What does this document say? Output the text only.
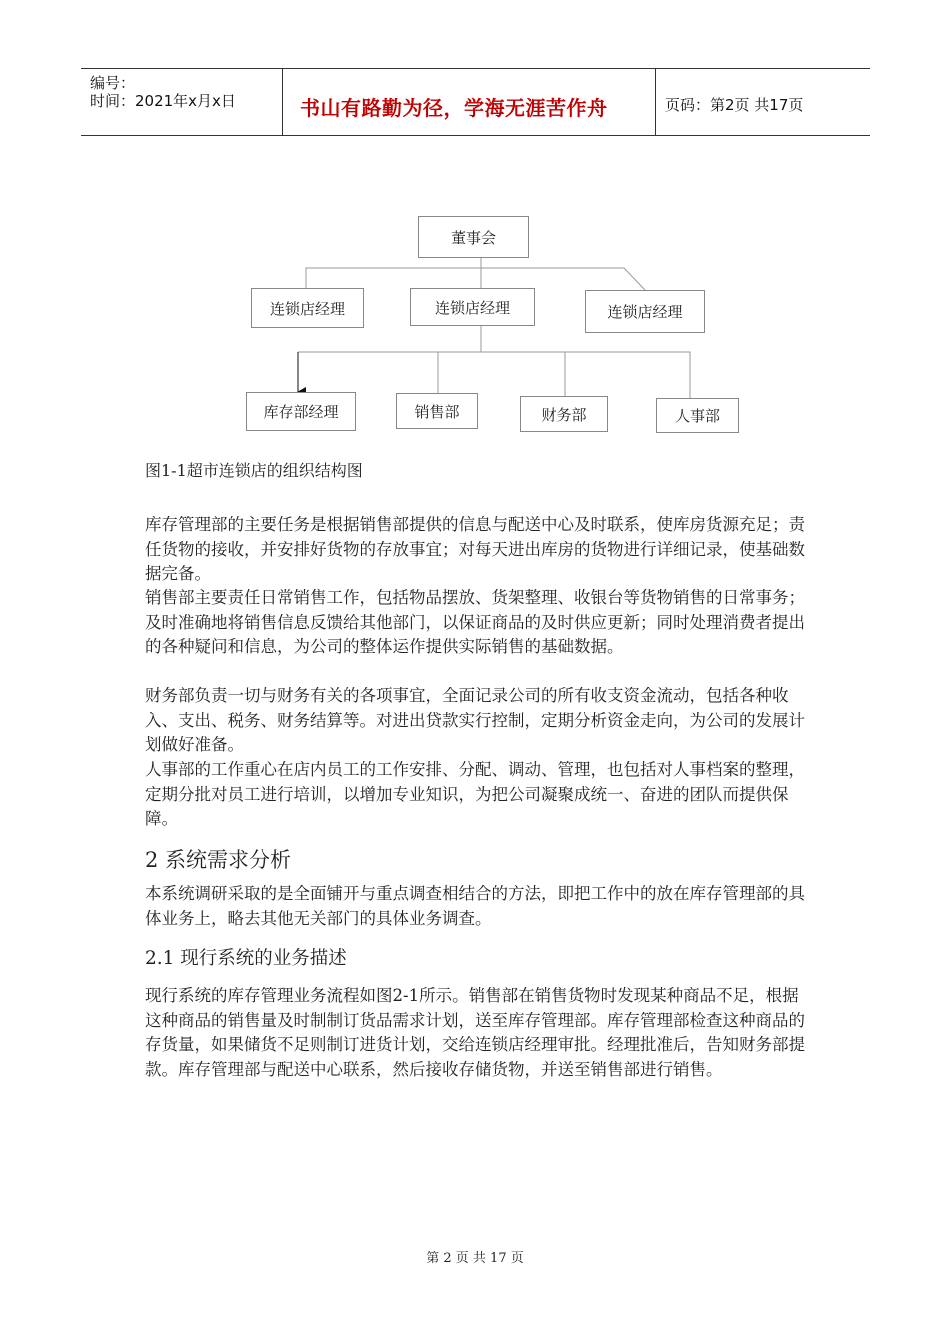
编号：
时间：2021年x月x日	书山有路勤为径，学海无涯苦作舟	页码：第2页 共17页
董事会
连锁店经理	连锁店经理	连锁店经理
库存部经理	销售部	财务部	人事部
图1-1超市连锁店的组织结构图
库存管理部的主要任务是根据销售部提供的信息与配送中心及时联系，使库房货源充足；责任货物的接收，并安排好货物的存放事宜；对每天进出库房的货物进行详细记录，使基础数据完备。
销售部主要责任日常销售工作，包括物品摆放、货架整理、收银台等货物销售的日常事务；及时准确地将销售信息反馈给其他部门，以保证商品的及时供应更新；同时处理消费者提出的各种疑问和信息，为公司的整体运作提供实际销售的基础数据。
财务部负责一切与财务有关的各项事宜，全面记录公司的所有收支资金流动，包括各种收入、支出、税务、财务结算等。对进出贷款实行控制，定期分析资金走向，为公司的发展计划做好准备。
人事部的工作重心在店内员工的工作安排、分配、调动、管理，也包括对人事档案的整理，定期分批对员工进行培训，以增加专业知识，为把公司凝聚成统一、奋进的团队而提供保障。
2 系统需求分析
本系统调研采取的是全面铺开与重点调查相结合的方法，即把工作中的放在库存管理部的具体业务上，略去其他无关部门的具体业务调查。
2.1 现行系统的业务描述
现行系统的库存管理业务流程如图2-1所示。销售部在销售货物时发现某种商品不足，根据这种商品的销售量及时制制订货品需求计划，送至库存管理部。库存管理部检查这种商品的存货量，如果储货不足则制订进货计划，交给连锁店经理审批。经理批准后，告知财务部提款。库存管理部与配送中心联系，然后接收存储货物，并送至销售部进行销售。
第 2 页 共 17 页
